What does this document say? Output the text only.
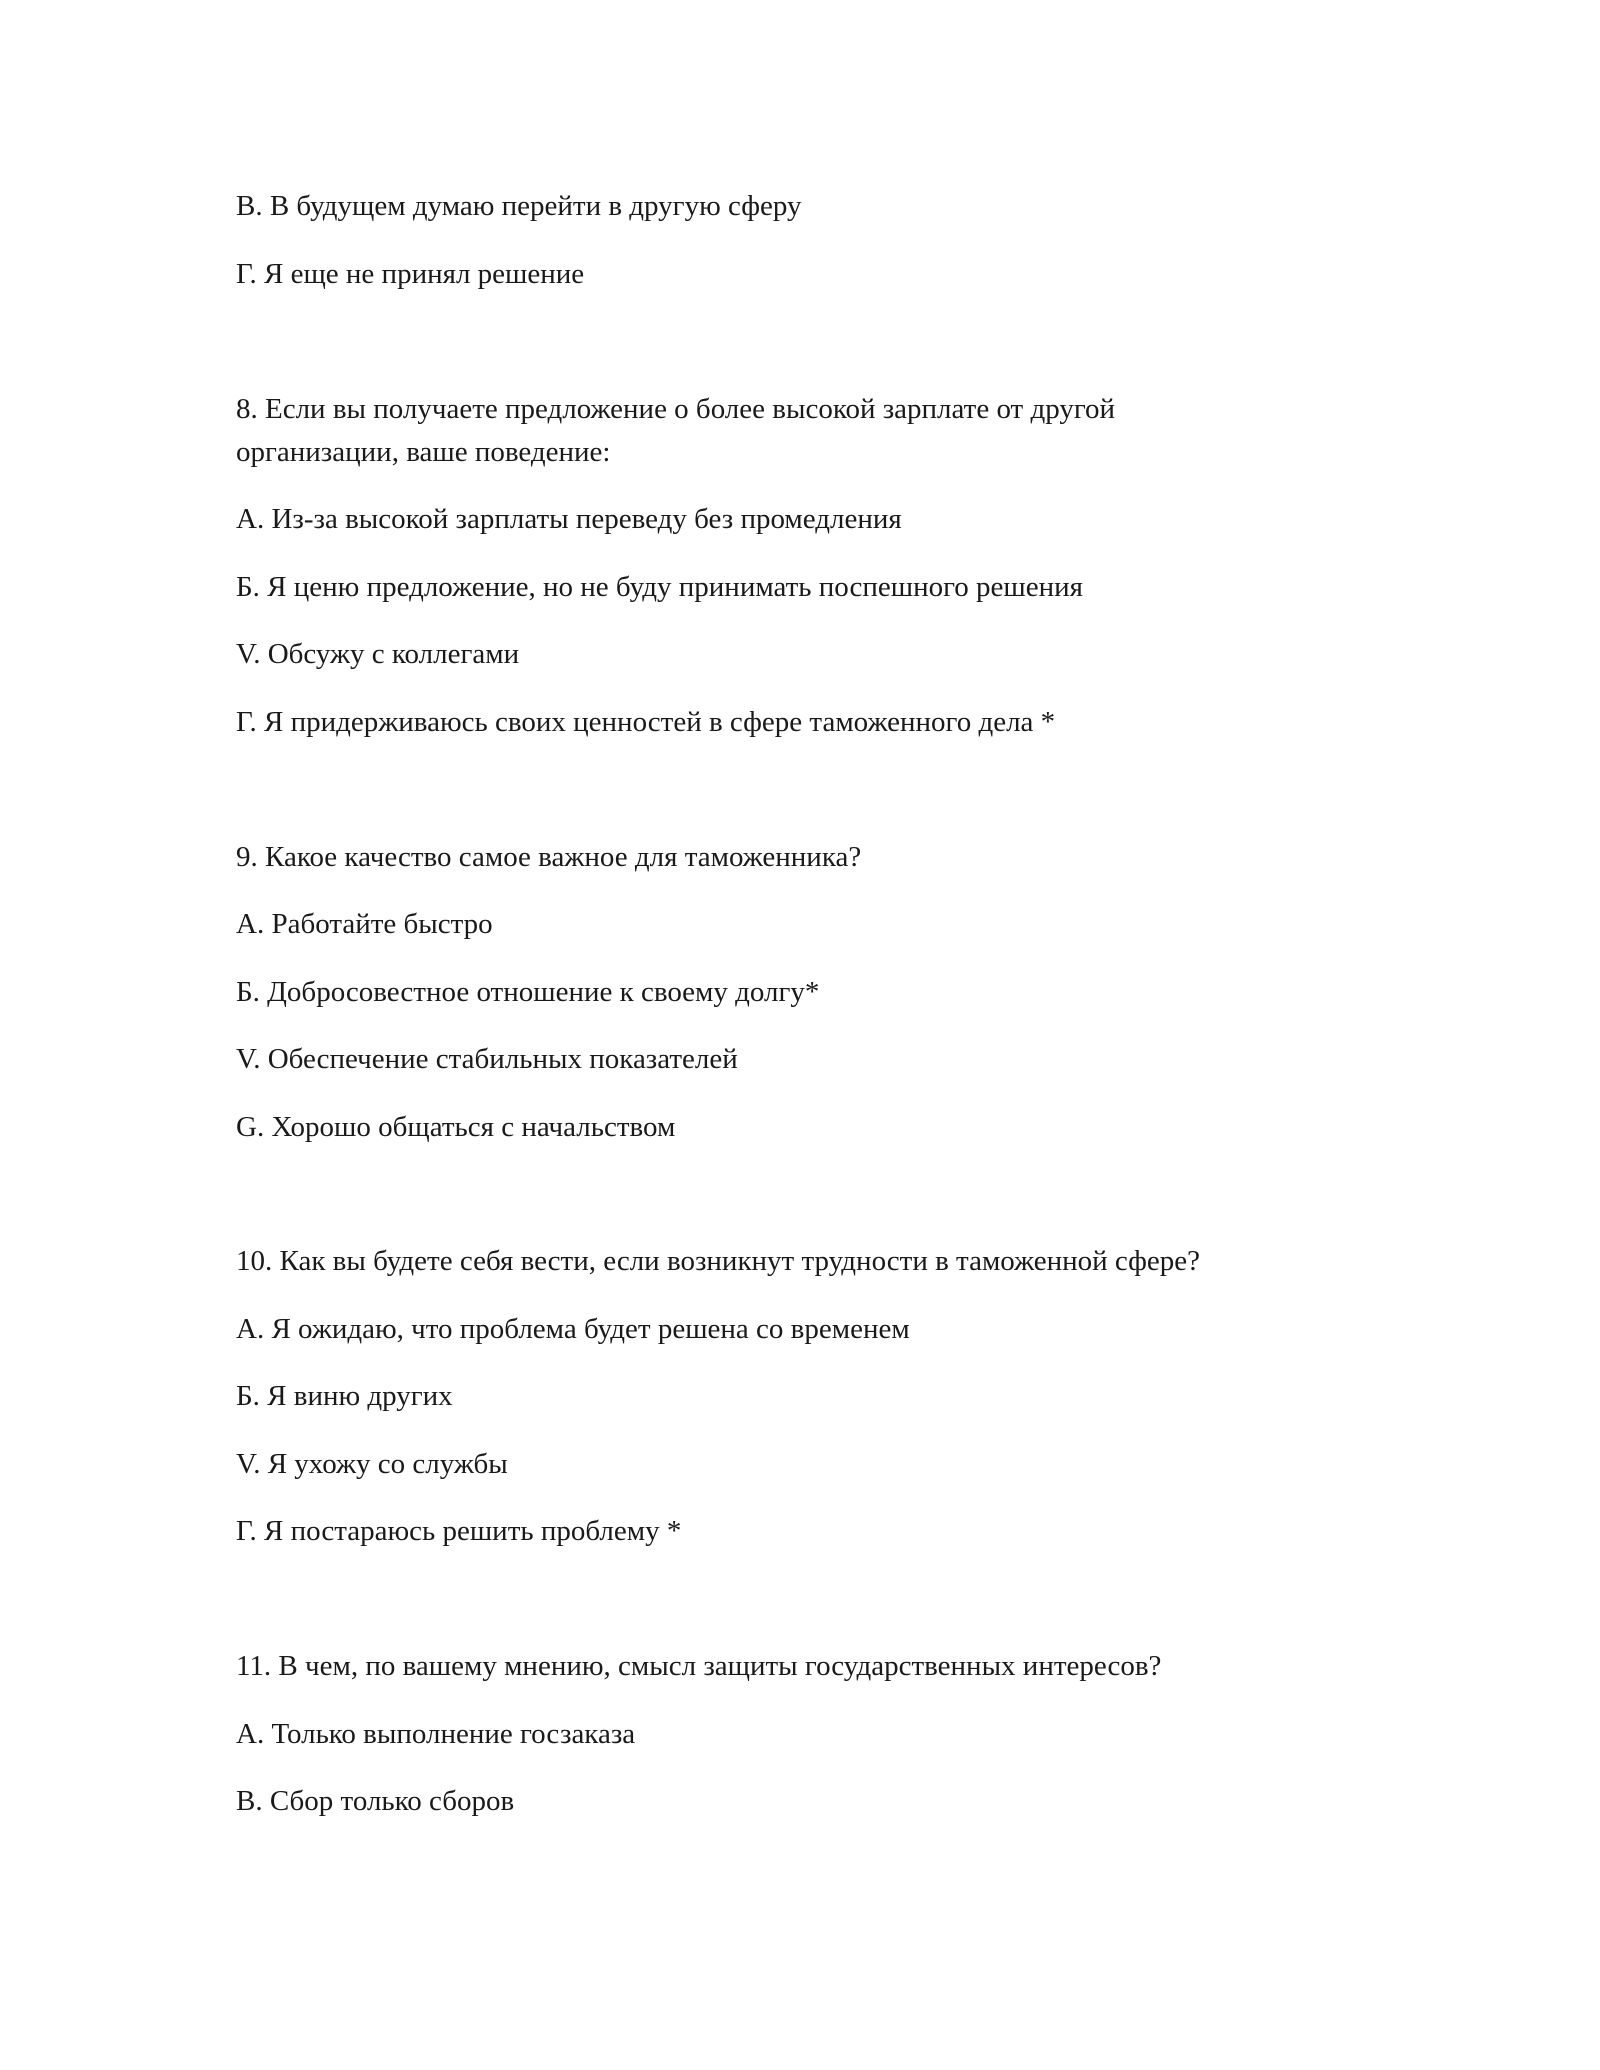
В. В будущем думаю перейти в другую сферу
Г. Я еще не принял решение
8. Если вы получаете предложение о более высокой зарплате от другой
организации, ваше поведение:
А. Из-за высокой зарплаты переведу без промедления
Б. Я ценю предложение, но не буду принимать поспешного решения
V. Обсужу с коллегами
Г. Я придерживаюсь своих ценностей в сфере таможенного дела *
9. Какое качество самое важное для таможенника?
А. Работайте быстро
Б. Добросовестное отношение к своему долгу*
V. Обеспечение стабильных показателей
G. Хорошо общаться с начальством
10. Как вы будете себя вести, если возникнут трудности в таможенной сфере?
А. Я ожидаю, что проблема будет решена со временем
Б. Я виню других
V. Я ухожу со службы
Г. Я постараюсь решить проблему *
11. В чем, по вашему мнению, смысл защиты государственных интересов?
А. Только выполнение госзаказа
В. Сбор только сборов
